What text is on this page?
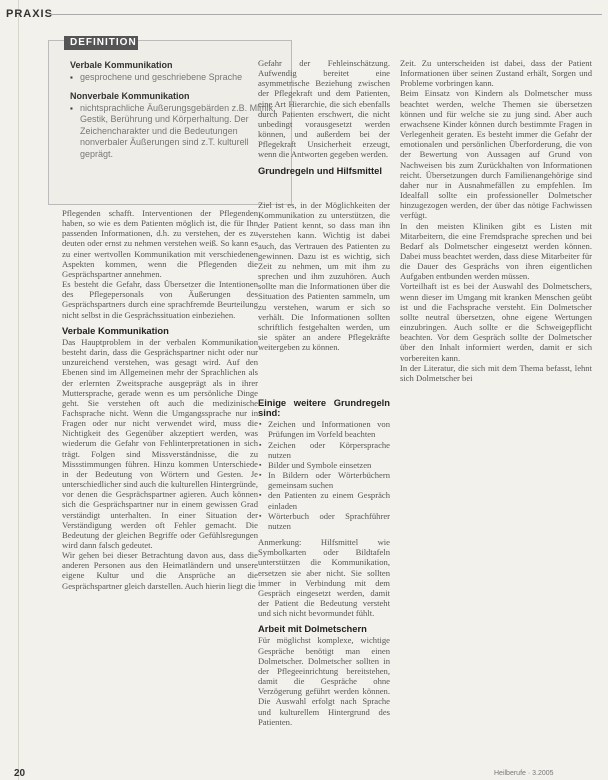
PRAXIS
DEFINITION
Verbale Kommunikation
▪ gesprochene und geschriebene Sprache
Nonverbale Kommunikation
▪ nichtsprachliche Äußerungsgebärden z.B. Mimik, Gestik, Berührung und Körperhaltung. Der Zeichencharakter und die Bedeutungen nonverbaler Äußerungen sind z.T. kulturell geprägt.

Pflegenden schafft. Interventionen der Pflegenden haben, so wie es dem Patienten möglich ist, die für Ihn passenden Informationen, d.h. zu verstehen, der es zu deuten oder ernst zu nehmen verstehen weiß. So kann es zu einer wertvollen Kommunikation mit verschiedenen Aspekten kommen, wenn die Pflegenden die Gesprächspartner annehmen.

Es besteht die Gefahr, dass Übersetzer die Intentionen des Pflegepersonals von Äußerungen des Gesprächspartners durch eine sprachfremde Beurteilung nicht selbst in die Gesprächssituation einbeziehen.

Verbale Kommunikation

Das Hauptproblem in der verbalen Kommunikation besteht darin, dass die Gesprächspartner nicht oder nur unzureichend verstehen, was gesagt wird. Auf den Ebenen sind im Allgemeinen mehr der Sprachlichen als der erlernten Zweitsprache ausgeprägt als in ihrer Muttersprache, gerade wenn es um persönliche Dinge geht. Sie verstehen oft auch die medizinische Fachsprache nicht. Wenn die Umgangssprache nur in Fragen oder nur nicht verwendet wird, muss die Nichtigkeit des Gegenüber akzeptiert werden, was wiederum die Gefahr von Fehlinterpretationen in sich trägt. Folgen sind Missverständnisse, die zu Missstimmungen führen. Hinzu kommen Unterschiede in der Bedeutung von Wörtern und Gesten. Je unterschiedlicher sind auch die kulturellen Hintergründe, vor denen die Gesprächspartner agieren. Auch können sich die Gesprächspartner nur in einem gewissen Grad verständigt unterhalten. In einer Situation der Verständigung werden oft Fehler gemacht. Die Bedeutung der gleichen Begriffe oder Gefühlsregungen wird dann falsch gedeutet.

Wir gehen bei dieser Betrachtung davon aus, dass die anderen Personen aus den Heimatländern und unsere eigene Kultur und die Ansprüche an die Gesprächspartner gleich darstellen. Auch hierin liegt die

Ziel ist es, in der Möglichkeiten der Kommunikation zu unterstützen, die der Patient kennt, so dass man ihn verstehen kann. Wichtig ist dabei auch, das Vertrauen des Patienten zu gewinnen. Dazu ist es wichtig, sich Zeit zu nehmen, um mit ihm zu sprechen und ihm zuzuhören. Auch sollte man die Informationen über die Situation des Patienten sammeln, um zu verstehen, warum er sich so verhält. Die Informationen sollten schriftlich festgehalten werden, um sie später an andere Pflegekräfte weitergeben zu können.

Gefahr der Fehleinschätzung. Aufwendig bereitet eine asymmetrische Beziehung zwischen der Pflegekraft und dem Patienten, eine Art Hierarchie, die sich ebenfalls durch Patienten erschwert, die nicht unbedingt vorausgesetzt werden können, und außerdem bei der Pflegekraft Unsicherheit erzeugt, wenn die Antworten gegeben werden.

Grundregeln und Hilfsmittel
Einige weitere Grundregeln sind:
▪ Zeichen und Informationen von Prüfungen im Vorfeld beachten
▪ Zeichen oder Körpersprache nutzen
▪ Bilder und Symbole einsetzen
▪ In Bildern oder Wörterbüchern gemeinsam suchen
▪ den Patienten zu einem Gespräch einladen
▪ Wörterbuch oder Sprachführer nutzen

Anmerkung: Hilfsmittel wie Symbolkarten oder Bildtafeln unterstützen die Kommunikation, ersetzen sie aber nicht. Sie sollten immer in Verbindung mit dem Gespräch eingesetzt werden, damit der Patient die Bedeutung versteht und sich nicht bevormundet fühlt.

Arbeit mit Dolmetschern

Für möglichst komplexe, wichtige Gespräche benötigt man einen Dolmetscher. Dolmetscher sollten in der Pflegeeinrichtung bereitstehen, damit die Gespräche ohne Verzögerung geführt werden können. Die Auswahl erfolgt nach Sprache und kulturellem Hintergrund des Patienten.

Zeit. Zu unterscheiden ist dabei, dass der Patient Informationen über seinen Zustand erhält, Sorgen und Probleme vorbringen kann.

Beim Einsatz von Kindern als Dolmetscher muss beachtet werden, welche Themen sie übersetzen können und für welche sie zu jung sind. Aber auch erwachsene Kinder können durch bestimmte Fragen in Verlegenheit geraten. Es besteht immer die Gefahr der emotionalen und persönlichen Überforderung, die von der Bewertung von Aussagen auf Grund von Nachweisen bis zum Zurückhalten von Informationen reicht. Übersetzungen durch Familienangehörige sind daher nur in Ausnahmefällen zu empfehlen. Im Idealfall sollte ein professioneller Dolmetscher hinzugezogen werden, der über das nötige Fachwissen verfügt.

In den meisten Kliniken gibt es Listen mit Mitarbeitern, die eine Fremdsprache sprechen und bei Bedarf als Dolmetscher eingesetzt werden können. Dabei muss beachtet werden, dass diese Mitarbeiter für die Dauer des Gesprächs von ihren eigentlichen Aufgaben entbunden werden müssen.

Vorteilhaft ist es bei der Auswahl des Dolmetschers, wenn dieser im Umgang mit kranken Menschen geübt ist und die Fachsprache versteht. Ein Dolmetscher sollte neutral übersetzen, ohne eigene Wertungen einzubringen. Auch sollte er die Schweigepflicht beachten. Vor dem Gespräch sollte der Dolmetscher über den Inhalt informiert werden, damit er sich vorbereiten kann.

In der Literatur, die sich mit dem Thema befasst, lehnt sich Dolmetscher bei

20	Heilberufe · 3.2005
